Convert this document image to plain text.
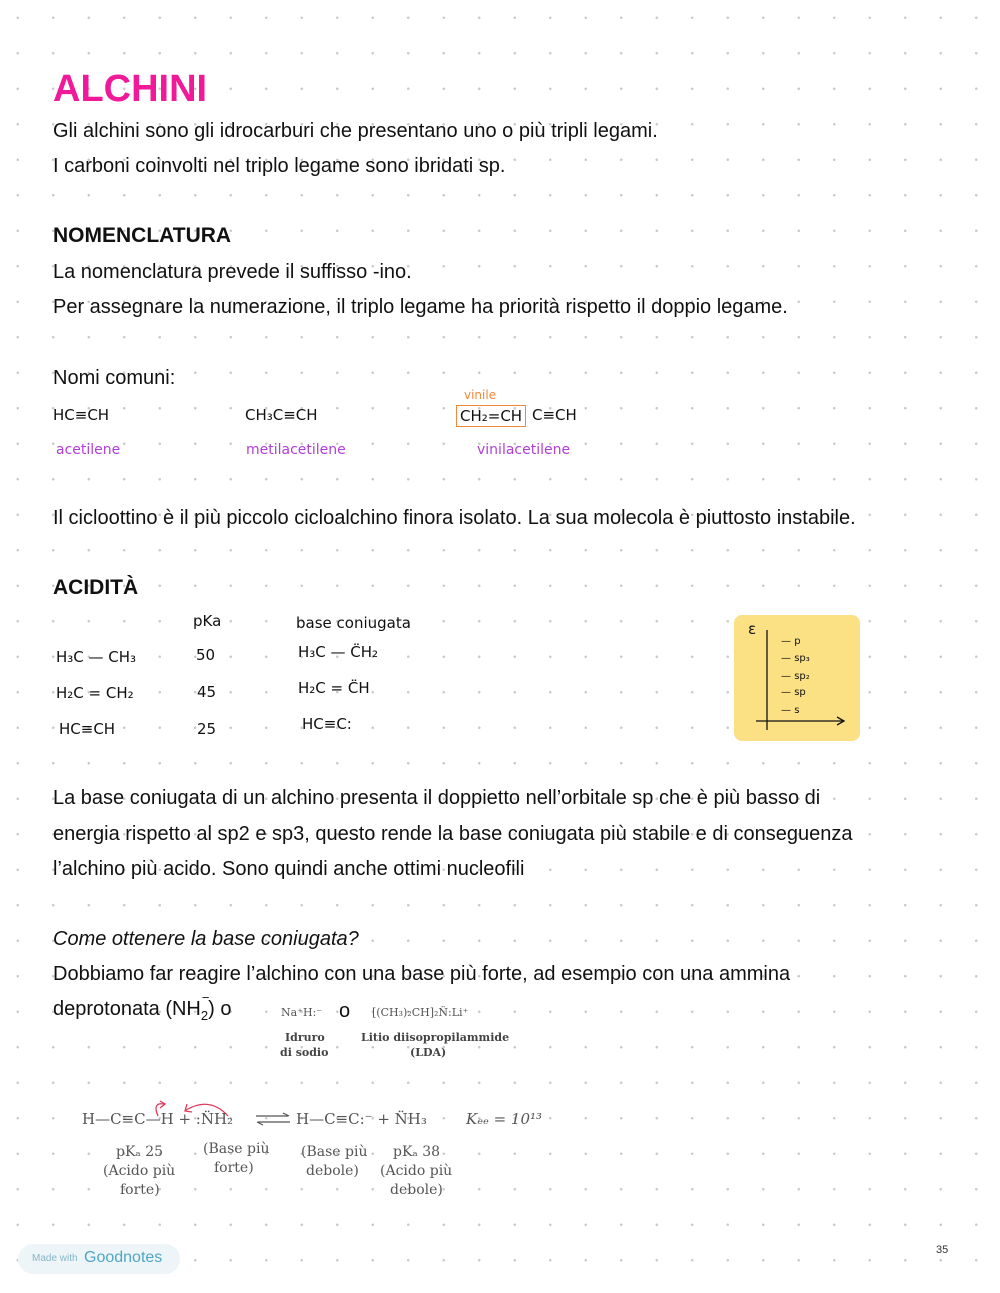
ALCHINI
Gli alchini sono gli idrocarburi che presentano uno o più tripli legami.
I carboni coinvolti nel triplo legame sono ibridati sp.
NOMENCLATURA
La nomenclatura prevede il suffisso -ino.
Per assegnare la numerazione, il triplo legame ha priorità rispetto il doppio legame.
Nomi comuni:
HC≡CH
acetilene
CH₃C≡CH
metilacetilene
vinile
CH₂=CH C≡CH
vinilacetilene
Il cicloottino è il più piccolo cicloalchino finora isolato. La sua molecola è piuttosto instabile.
ACIDITÀ
pKa	base coniugata
H₃C — CH₃	50	H₃C — C̈H₂
H₂C = CH₂	45	H₂C = C̈H
HC≡CH	25	HC≡C:
ε
— p
— sp₃
— sp₂
— sp
— s
La base coniugata di un alchino presenta il doppietto nell’orbitale sp che è più basso di
energia rispetto al sp2 e sp3, questo rende la base coniugata più stabile e di conseguenza
l’alchino più acido. Sono quindi anche ottimi nucleofili
Come ottenere la base coniugata?
Dobbiamo far reagire l’alchino con una base più forte, ad esempio con una ammina
deprotonata ($NH_2$
−
) o	Na⁺H:⁻ o [(CH₃)₂CH]₂N̈:Li⁺
Idruro
di sodio
Litio diisopropilammide
(LDA)
H—C≡C—H + :N̈H₂ ⇌ H—C≡C:⁻ + N̈H₃	Kₑₑ = 10¹³
pKₐ 25
(Acido più
forte)
(Base più
forte)
(Base più
debole)
pKₐ 38
(Acido più
debole)
35
Made with Goodnotes
